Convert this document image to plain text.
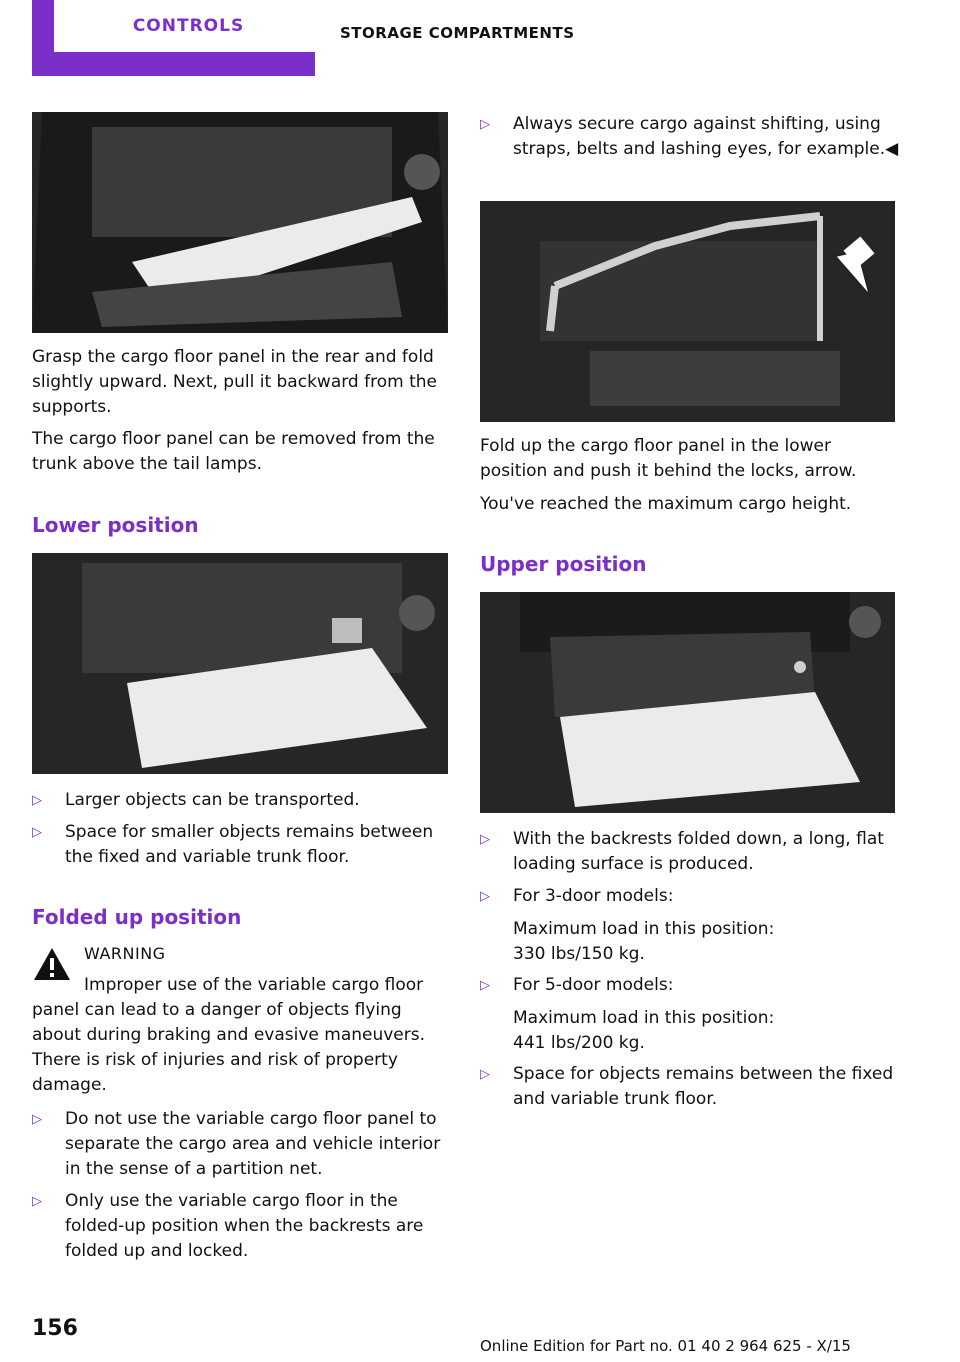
CONTROLS	STORAGE COMPARTMENTS

Grasp the cargo floor panel in the rear and fold slightly upward. Next, pull it backward from the supports.

The cargo floor panel can be removed from the trunk above the tail lamps.

Lower position
▷ Larger objects can be transported.
▷ Space for smaller objects remains between the fixed and variable trunk floor.
Folded up position
WARNING
Improper use of the variable cargo floor

panel can lead to a danger of objects flying about during braking and evasive maneuvers. There is risk of injuries and risk of property damage.

▷ Do not use the variable cargo floor panel to separate the cargo area and vehicle interior in the sense of a partition net.
▷ Only use the variable cargo floor in the folded-up position when the backrests are folded up and locked.
▷ Always secure cargo against shifting, using straps, belts and lashing eyes, for example.◀

Fold up the cargo floor panel in the lower position and push it behind the locks, arrow.

You've reached the maximum cargo height.

Upper position
▷ With the backrests folded down, a long, flat loading surface is produced.
▷ For 3-door models:
Maximum load in this position: 330 lbs/150 kg.
▷ For 5-door models:
Maximum load in this position: 441 lbs/200 kg.
▷ Space for objects remains between the fixed and variable trunk floor.
156
Online Edition for Part no. 01 40 2 964 625 - X/15
